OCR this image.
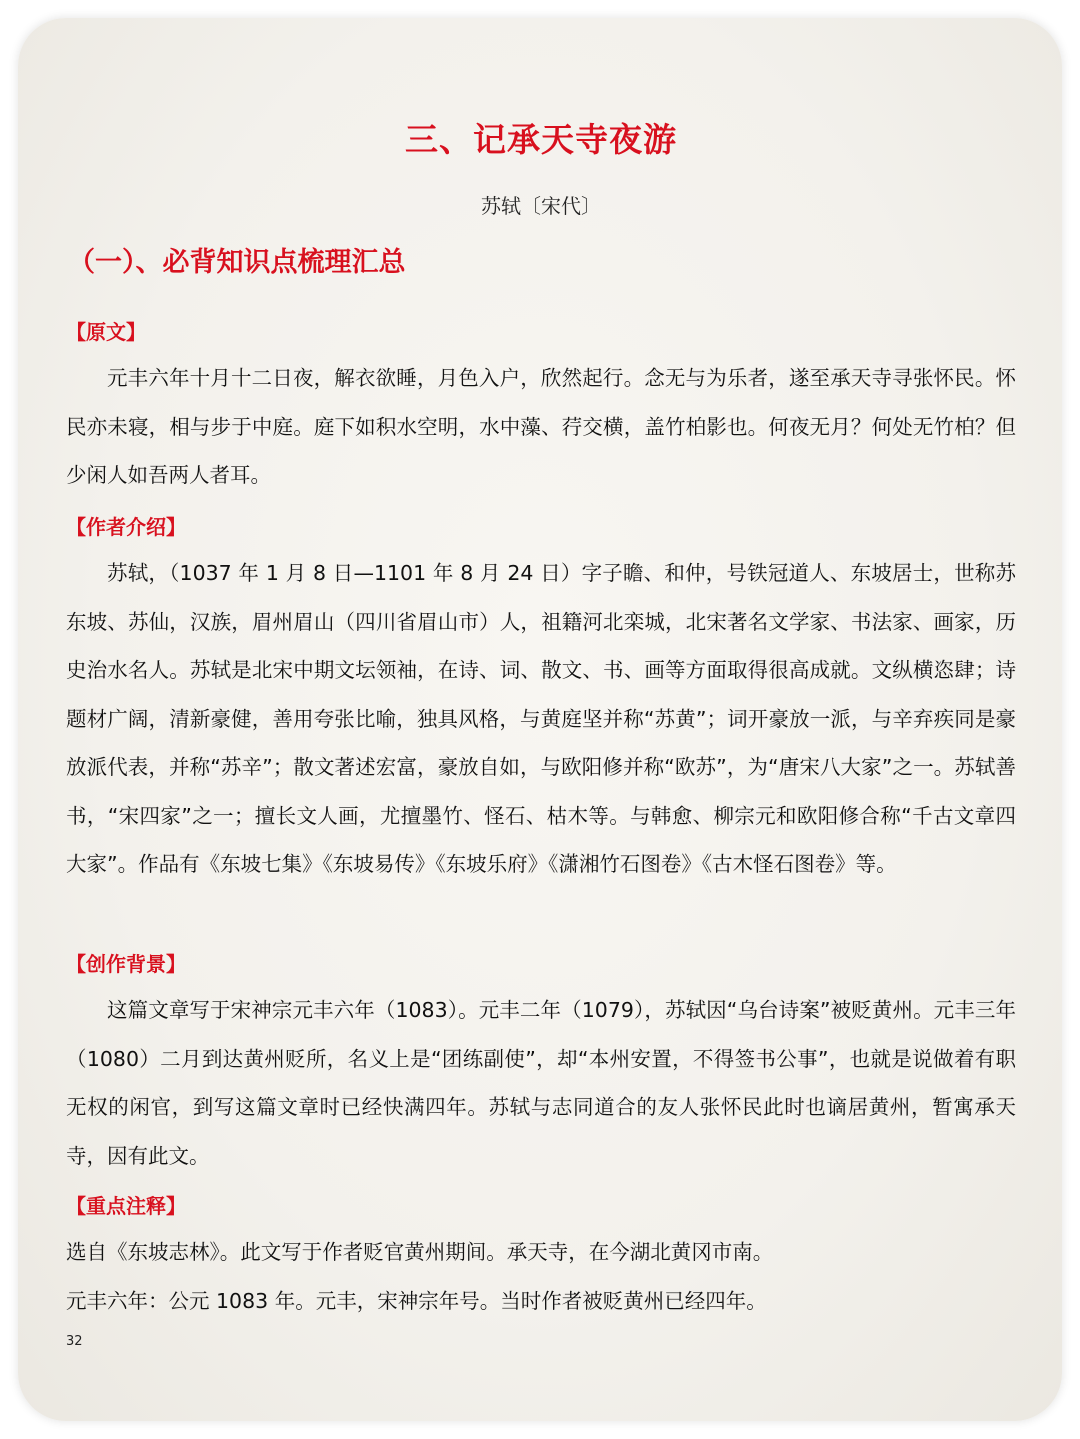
三、记承天寺夜游
苏轼〔宋代〕
（一）、必背知识点梳理汇总
【原文】

元丰六年十月十二日夜，解衣欲睡，月色入户，欣然起行。念无与为乐者，遂至承天寺寻张怀民。怀民亦未寝，相与步于中庭。庭下如积水空明，水中藻、荇交横，盖竹柏影也。何夜无月？何处无竹柏？但少闲人如吾两人者耳。

【作者介绍】

苏轼，（1037 年 1 月 8 日—1101 年 8 月 24 日）字子瞻、和仲，号铁冠道人、东坡居士，世称苏东坡、苏仙，汉族，眉州眉山（四川省眉山市）人，祖籍河北栾城，北宋著名文学家、书法家、画家，历史治水名人。苏轼是北宋中期文坛领袖，在诗、词、散文、书、画等方面取得很高成就。文纵横恣肆；诗题材广阔，清新豪健，善用夸张比喻，独具风格，与黄庭坚并称“苏黄”；词开豪放一派，与辛弃疾同是豪放派代表，并称“苏辛”；散文著述宏富，豪放自如，与欧阳修并称“欧苏”，为“唐宋八大家”之一。苏轼善书，“宋四家”之一；擅长文人画，尤擅墨竹、怪石、枯木等。与韩愈、柳宗元和欧阳修合称“千古文章四大家”。作品有《东坡七集》《东坡易传》《东坡乐府》《潇湘竹石图卷》《古木怪石图卷》等。

【创作背景】

这篇文章写于宋神宗元丰六年（1083）。元丰二年（1079），苏轼因“乌台诗案”被贬黄州。元丰三年（1080）二月到达黄州贬所，名义上是“团练副使”，却“本州安置，不得签书公事”，也就是说做着有职无权的闲官，到写这篇文章时已经快满四年。苏轼与志同道合的友人张怀民此时也谪居黄州，暂寓承天寺，因有此文。

【重点注释】

选自《东坡志林》。此文写于作者贬官黄州期间。承天寺，在今湖北黄冈市南。

元丰六年：公元 1083 年。元丰，宋神宗年号。当时作者被贬黄州已经四年。

32
